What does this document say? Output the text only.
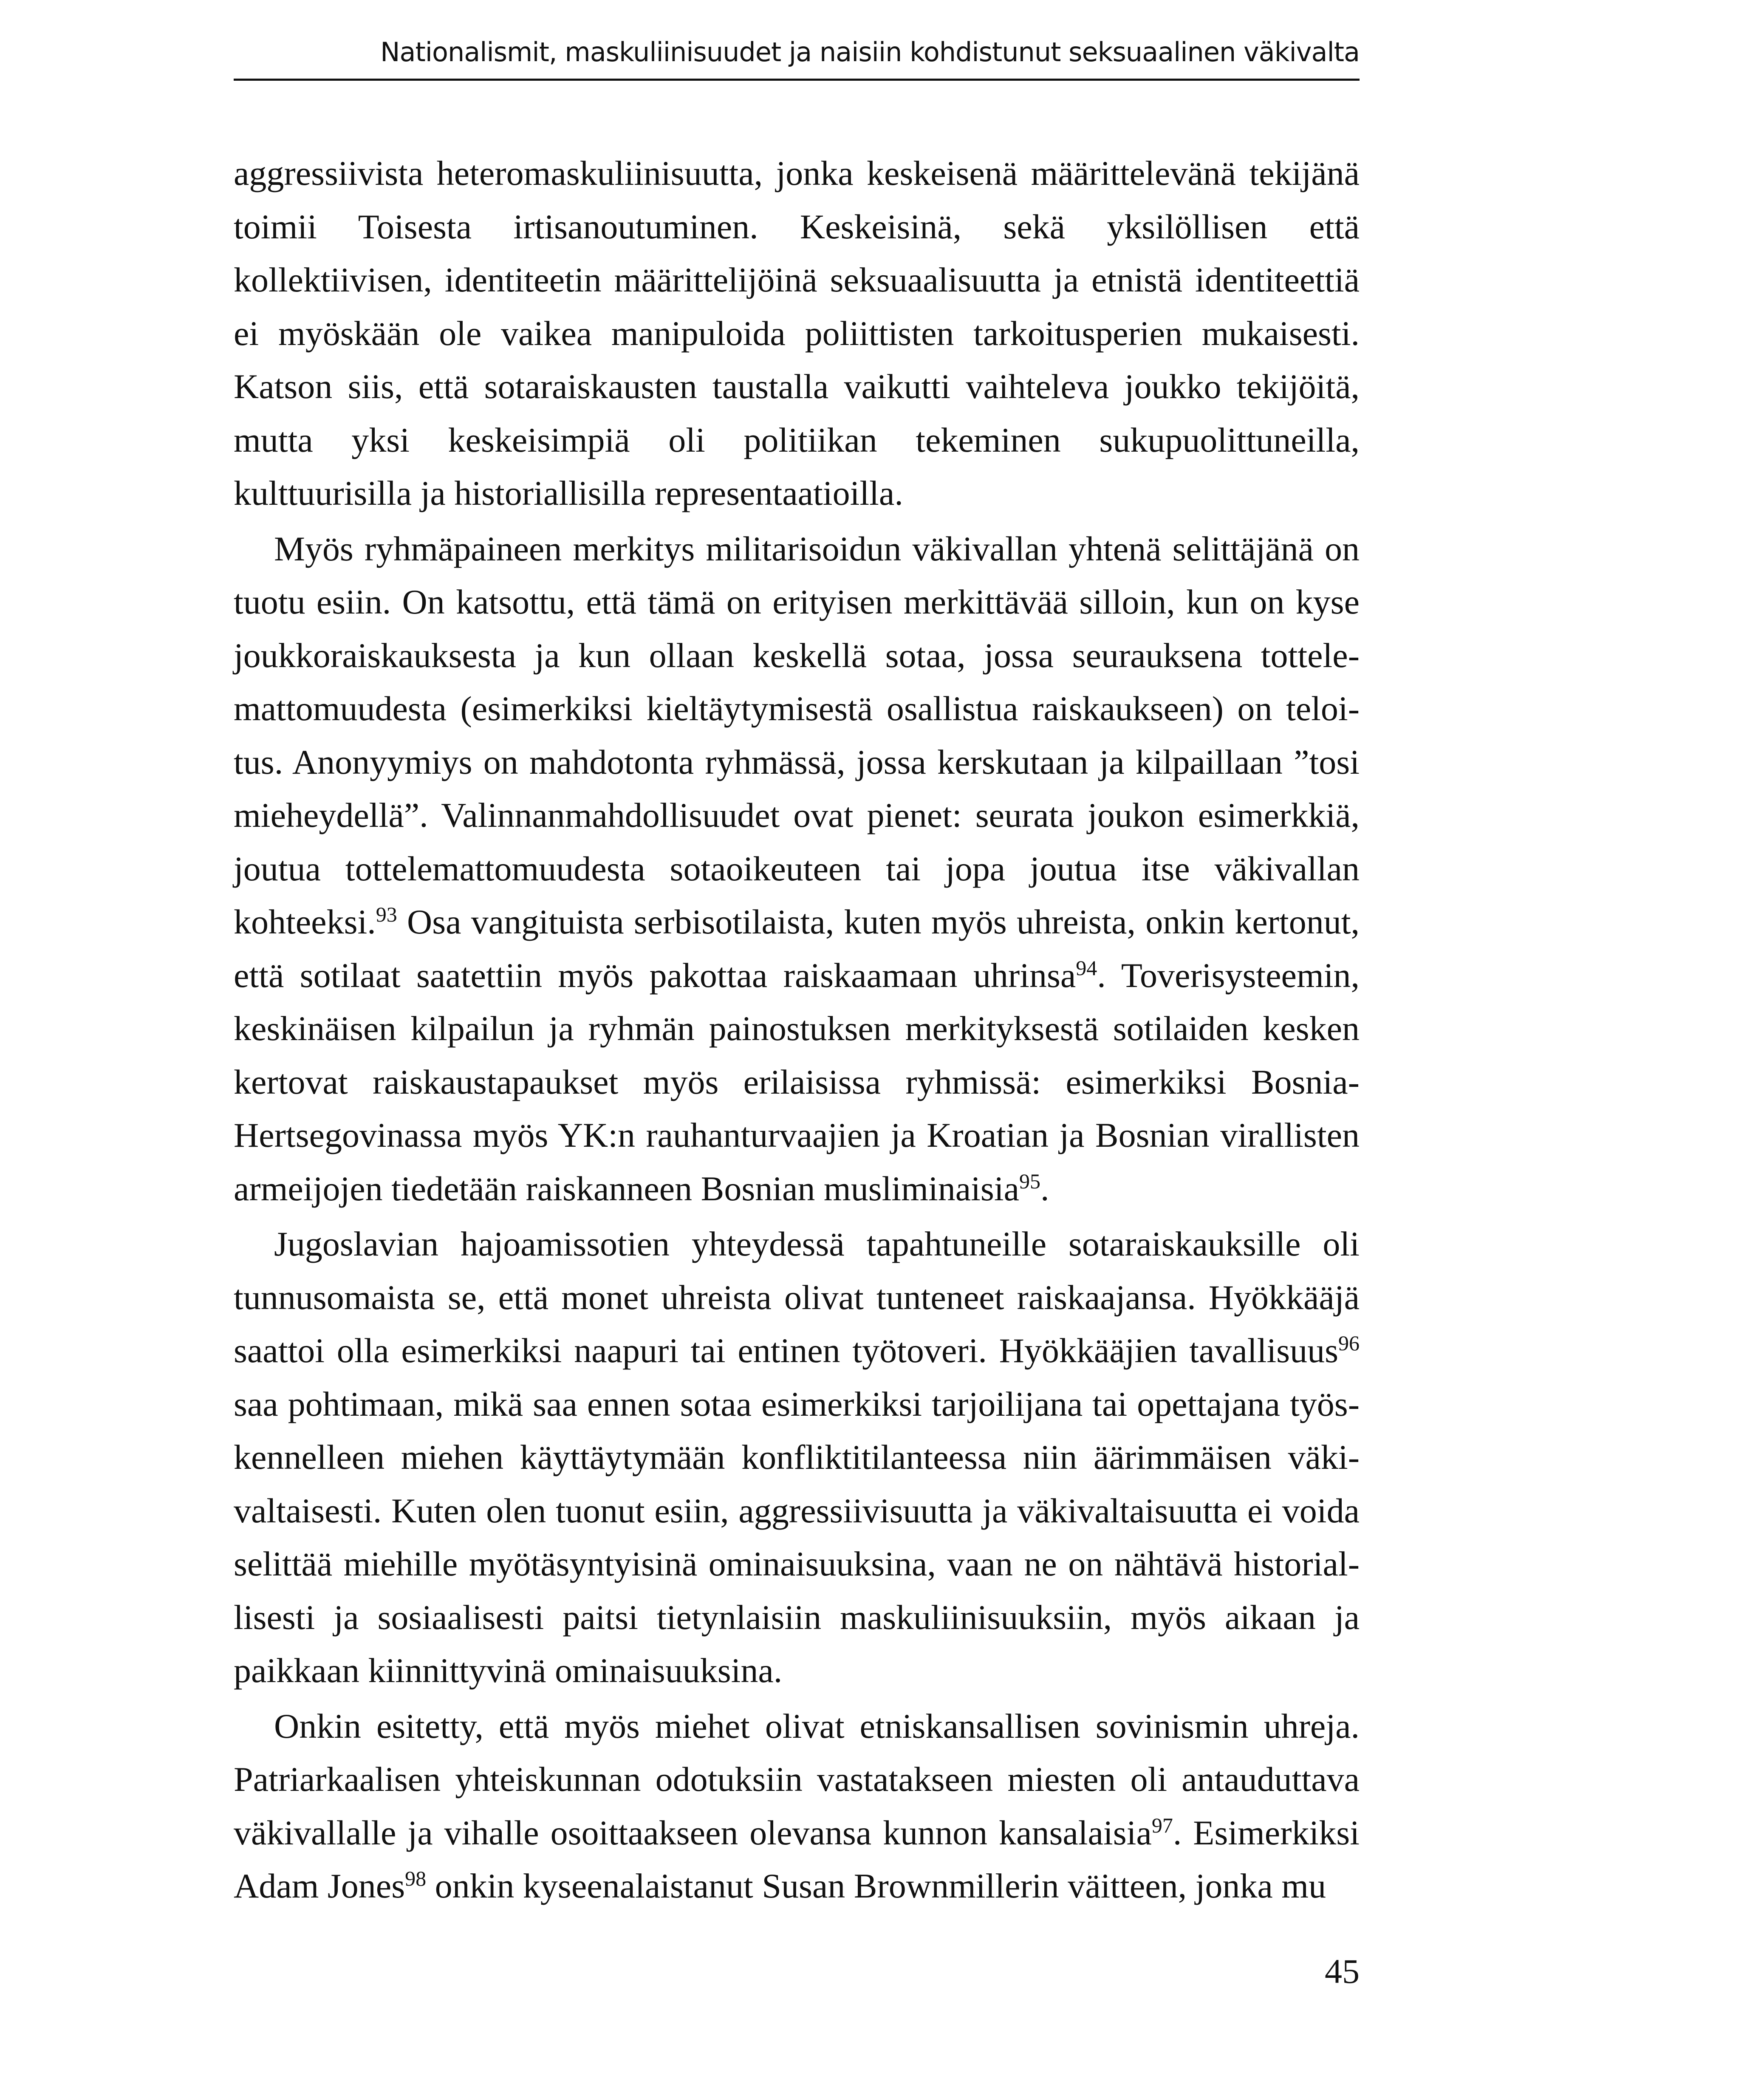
Nationalismit, maskuliinisuudet ja naisiin kohdistunut seksuaalinen väkivalta

aggressiivista heteromaskuliinisuutta, jonka keskeisenä määrittelevänä tekijänä toimii Toisesta irtisanoutuminen. Keskeisinä, sekä yksilöllisen että kollektiivisen, identiteetin määrittelijöinä seksuaalisuutta ja etnistä identiteettiä ei myöskään ole vaikea manipuloida poliittisten tarkoitusperien mukaisesti. Katson siis, että sotaraiskausten taustalla vaikutti vaihteleva joukko tekijöitä, mutta yksi keskeisimpiä oli politiikan tekeminen sukupuolittuneilla, kulttuurisilla ja historiallisilla representaatioilla.

Myös ryhmäpaineen merkitys militarisoidun väkivallan yhtenä selittäjänä on tuotu esiin. On katsottu, että tämä on erityisen merkittävää silloin, kun on kyse joukkoraiskauksesta ja kun ollaan keskellä sotaa, jossa seurauksena tottelemattomuudesta (esimerkiksi kieltäytymisestä osallistua raiskaukseen) on teloitus. Anonyymiys on mahdotonta ryhmässä, jossa kerskutaan ja kilpaillaan ”tosi mieheydellä”. Valinnanmahdollisuudet ovat pienet: seurata joukon esimerkkiä, joutua tottelemattomuudesta sotaoikeuteen tai jopa joutua itse väkivallan kohteeksi.$^{93}$ Osa vangituista serbisotilaista, kuten myös uhreista, onkin kertonut, että sotilaat saatettiin myös pakottaa raiskaamaan uhrinsa$^{94}$. Toverisysteemin, keskinäisen kilpailun ja ryhmän painostuksen merkityksestä sotilaiden kesken kertovat raiskaustapaukset myös erilaisissa ryhmissä: esimerkiksi Bosnia-Hertsegovinassa myös YK:n rauhanturvaajien ja Kroatian ja Bosnian virallisten armeijojen tiedetään raiskanneen Bosnian musliminaisia$^{95}$.

Jugoslavian hajoamissotien yhteydessä tapahtuneille sotaraiskauksille oli tunnusomaista se, että monet uhreista olivat tunteneet raiskaajansa. Hyökkääjä saattoi olla esimerkiksi naapuri tai entinen työtoveri. Hyökkääjien tavallisuus$^{96}$ saa pohtimaan, mikä saa ennen sotaa esimerkiksi tarjoilijana tai opettajana työskennelleen miehen käyttäytymään konfliktitilanteessa niin äärimmäisen väkivaltaisesti. Kuten olen tuonut esiin, aggressiivisuutta ja väkivaltaisuutta ei voida selittää miehille myötäsyntyisinä ominaisuuksina, vaan ne on nähtävä historiallisesti ja sosiaalisesti paitsi tietynlaisiin maskuliinisuuksiin, myös aikaan ja paikkaan kiinnittyvinä ominaisuuksina.

Onkin esitetty, että myös miehet olivat etniskansallisen sovinismin uhreja. Patriarkaalisen yhteiskunnan odotuksiin vastatakseen miesten oli antauduttava väkivallalle ja vihalle osoittaakseen olevansa kunnon kansalaisia$^{97}$. Esimerkiksi Adam Jones$^{98}$ onkin kyseenalaistanut Susan Brownmillerin väitteen, jonka mu

45
